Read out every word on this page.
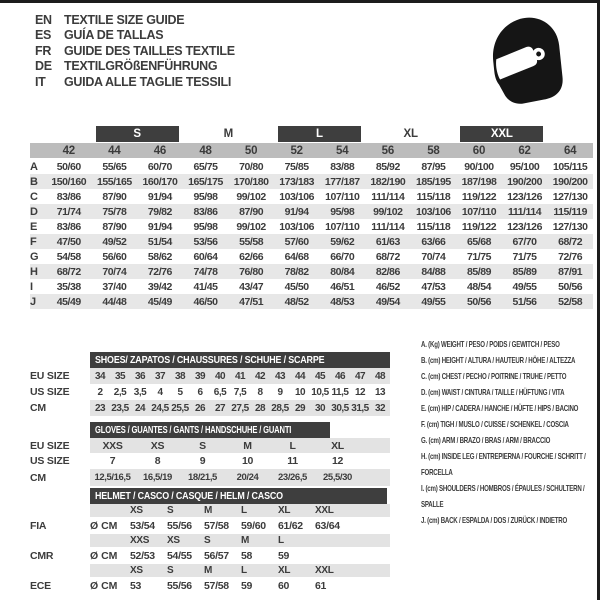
EN TEXTILE SIZE GUIDE
ES	GUÍA DE TALLAS
FR	GUIDE DES TAILLES TEXTILE
DE TEXTILGRÖßENFÜHRUNG
IT	GUIDA ALLE TAGLIE TESSILI
S	M	L	XL	XXL
42	44	46	48	50	52	54	56	58	60	62	64
A	50/60	55/65	60/70	65/75	70/80	75/85	83/88	85/92	87/95	90/100	95/100	105/115
B	150/160	155/165	160/170	165/175	170/180	173/183	177/187	182/190	185/195	187/198	190/200	190/200
C	83/86	87/90	91/94	95/98	99/102	103/106	107/110	111/114	115/118	119/122	123/126	127/130
D	71/74	75/78	79/82	83/86	87/90	91/94	95/98	99/102	103/106	107/110	111/114	115/119
E	83/86	87/90	91/94	95/98	99/102	103/106	107/110	111/114	115/118	119/122	123/126	127/130
F	47/50	49/52	51/54	53/56	55/58	57/60	59/62	61/63	63/66	65/68	67/70	68/72
G	54/58	56/60	58/62	60/64	62/66	64/68	66/70	68/72	70/74	71/75	71/75	72/76
H	68/72	70/74	72/76	74/78	76/80	78/82	80/84	82/86	84/88	85/89	85/89	87/91
I	35/38	37/40	39/42	41/45	43/47	45/50	46/51	46/52	47/53	48/54	49/55	50/56
J	45/49	44/48	45/49	46/50	47/51	48/52	48/53	49/54	49/55	50/56	51/56	52/58
SHOES/ ZAPATOS / CHAUSSURES / SCHUHE / SCARPE
EU SIZE	34 35 36 37 38 39 40 41 42 43 44 45 46 47 48
US SIZE	2	2,5 3,5	4	5	6	6,5 7,5	8	9	10 10,5 11,5 12 13
CM	23 23,5 24 24,5 25,5 26 27 27,5 28 28,5 29 30 30,5 31,5 32
GLOVES / GUANTES / GANTS / HANDSCHUHE / GUANTI
EU SIZE	XXS	XS	S	M	L	XL
US SIZE	7	8	9	10	11	12
CM	12,5/16,5	16,5/19	18/21,5	20/24	23/26,5	25,5/30
HELMET / CASCO / CASQUE / HELM / CASCO
XS	S	M	L	XL	XXL
FIA	Ø CM	53/54	55/56	57/58	59/60	61/62	63/64
XXS	XS	S	M	L
CMR	Ø CM	52/53	54/55	56/57	58	59
XS	S	M	L	XL	XXL
ECE	Ø CM	53	55/56	57/58	59	60	61
A. (Kg) WEIGHT / PESO / POIDS / GEWITCH / PESO
B. (cm) HEIGHT / ALTURA / HAUTEUR / HÖHE / ALTEZZA
C. (cm) CHEST / PECHO / POITRINE / TRUHE / PETTO
D. (cm) WAIST / CINTURA / TAILLE / HÜFTUNG / VITA
E. (cm) HIP / CADERA / HANCHE / HÜFTE / HIPS / BACINO
F. (cm) TIGH / MUSLO / CUISSE / SCHENKEL / COSCIA
G. (cm) ARM / BRAZO / BRAS / ARM / BRACCIO
H. (cm) INSIDE LEG / ENTREPIERNA / FOURCHE / SCHRITT / FORCELLA
I. (cm) SHOULDERS / HOMBROS / ÉPAULES / SCHULTERN / SPALLE
J. (cm) BACK / ESPALDA / DOS / ZURÜCK / INDIETRO
